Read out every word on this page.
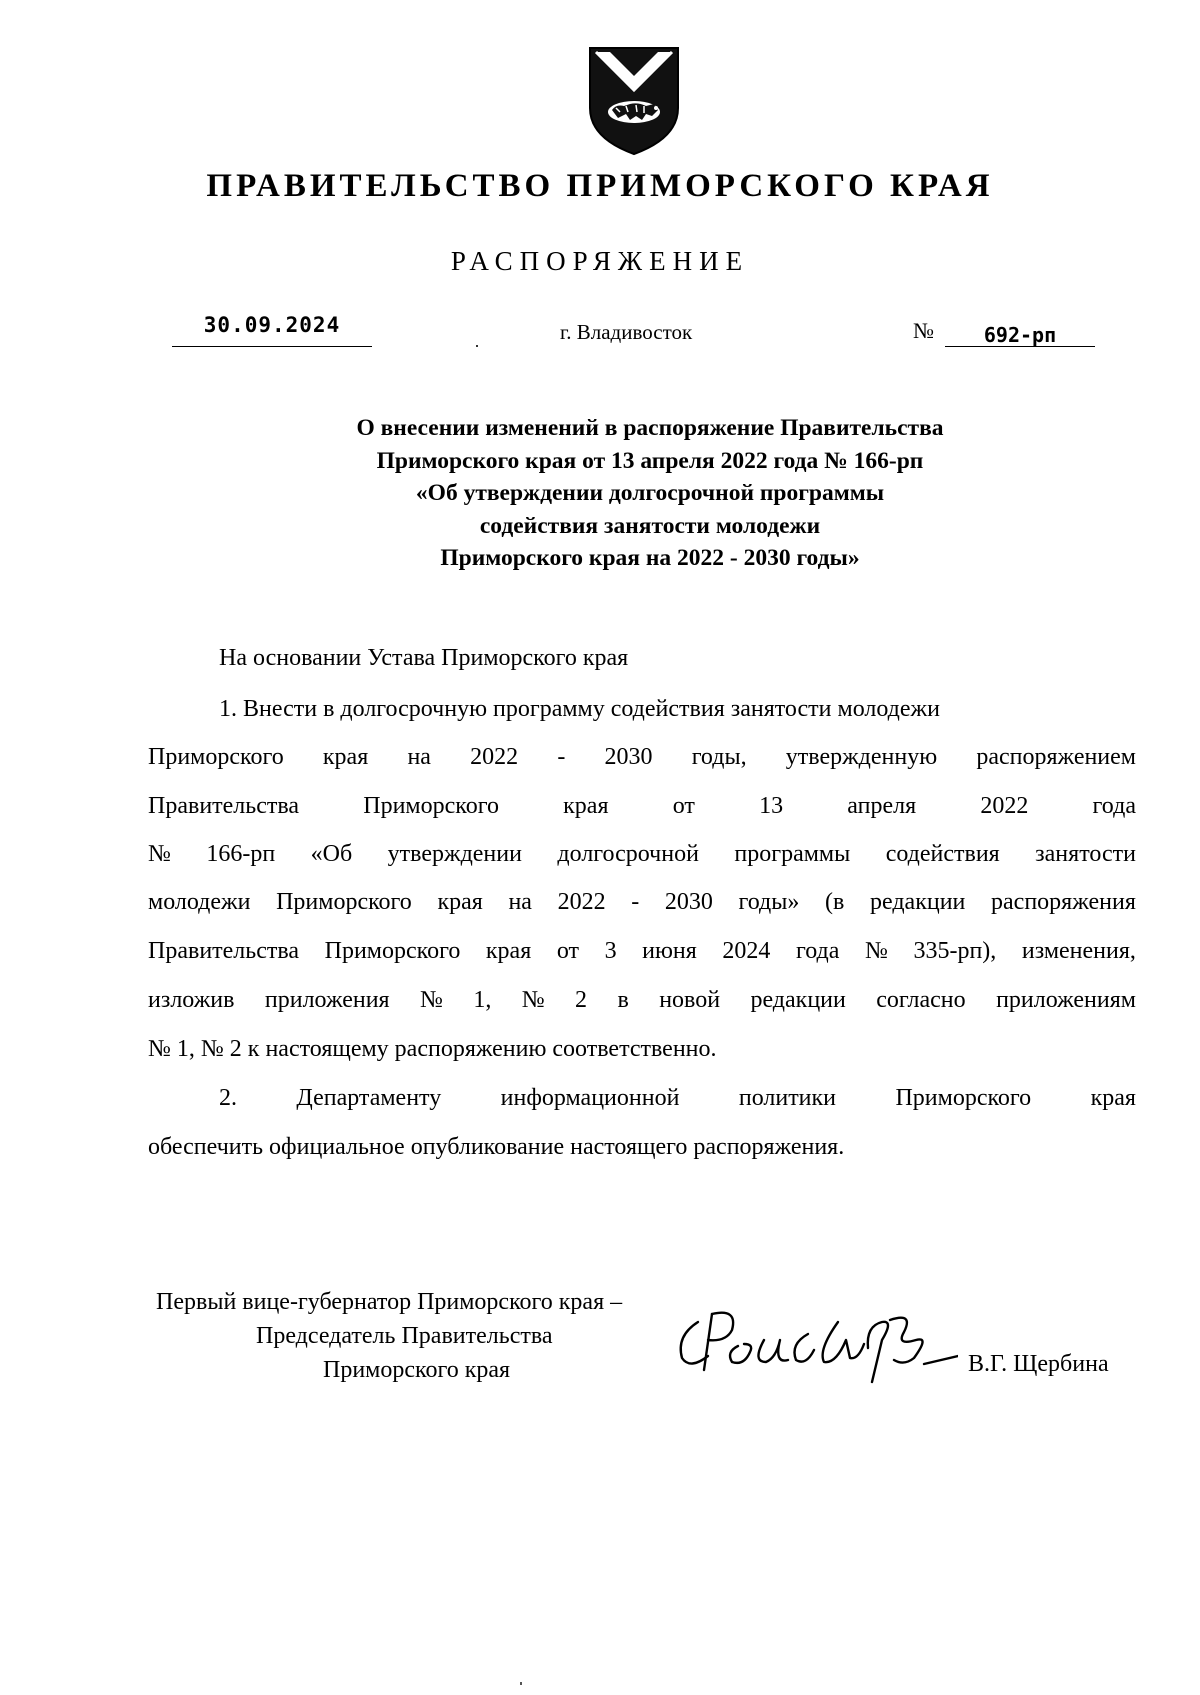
ПРАВИТЕЛЬСТВО ПРИМОРСКОГО КРАЯ
РАСПОРЯЖЕНИЕ
30.09.2024	г. Владивосток	№	692-рп
О внесении изменений в распоряжение Правительства
Приморского края от 13 апреля 2022 года № 166-рп
«Об утверждении долгосрочной программы
содействия занятости молодежи
Приморского края на 2022 - 2030 годы»
На основании Устава Приморского края
1. Внести в долгосрочную программу содействия занятости молодежи
Приморского края на 2022 - 2030 годы, утвержденную распоряжением
Правительства	Приморского	края	от	13	апреля	2022	года
№ 166-рп «Об утверждении долгосрочной программы содействия занятости
молодежи Приморского края на 2022 - 2030 годы» (в редакции распоряжения
Правительства Приморского края от 3 июня 2024 года № 335-рп), изменения,
изложив приложения № 1, № 2 в новой редакции согласно приложениям
№ 1, № 2 к настоящему распоряжению соответственно.
2. Департаменту информационной политики Приморского края
обеспечить официальное опубликование настоящего распоряжения.
Первый вице-губернатор Приморского края –
Председатель Правительства
Приморского края	В.Г. Щербина
